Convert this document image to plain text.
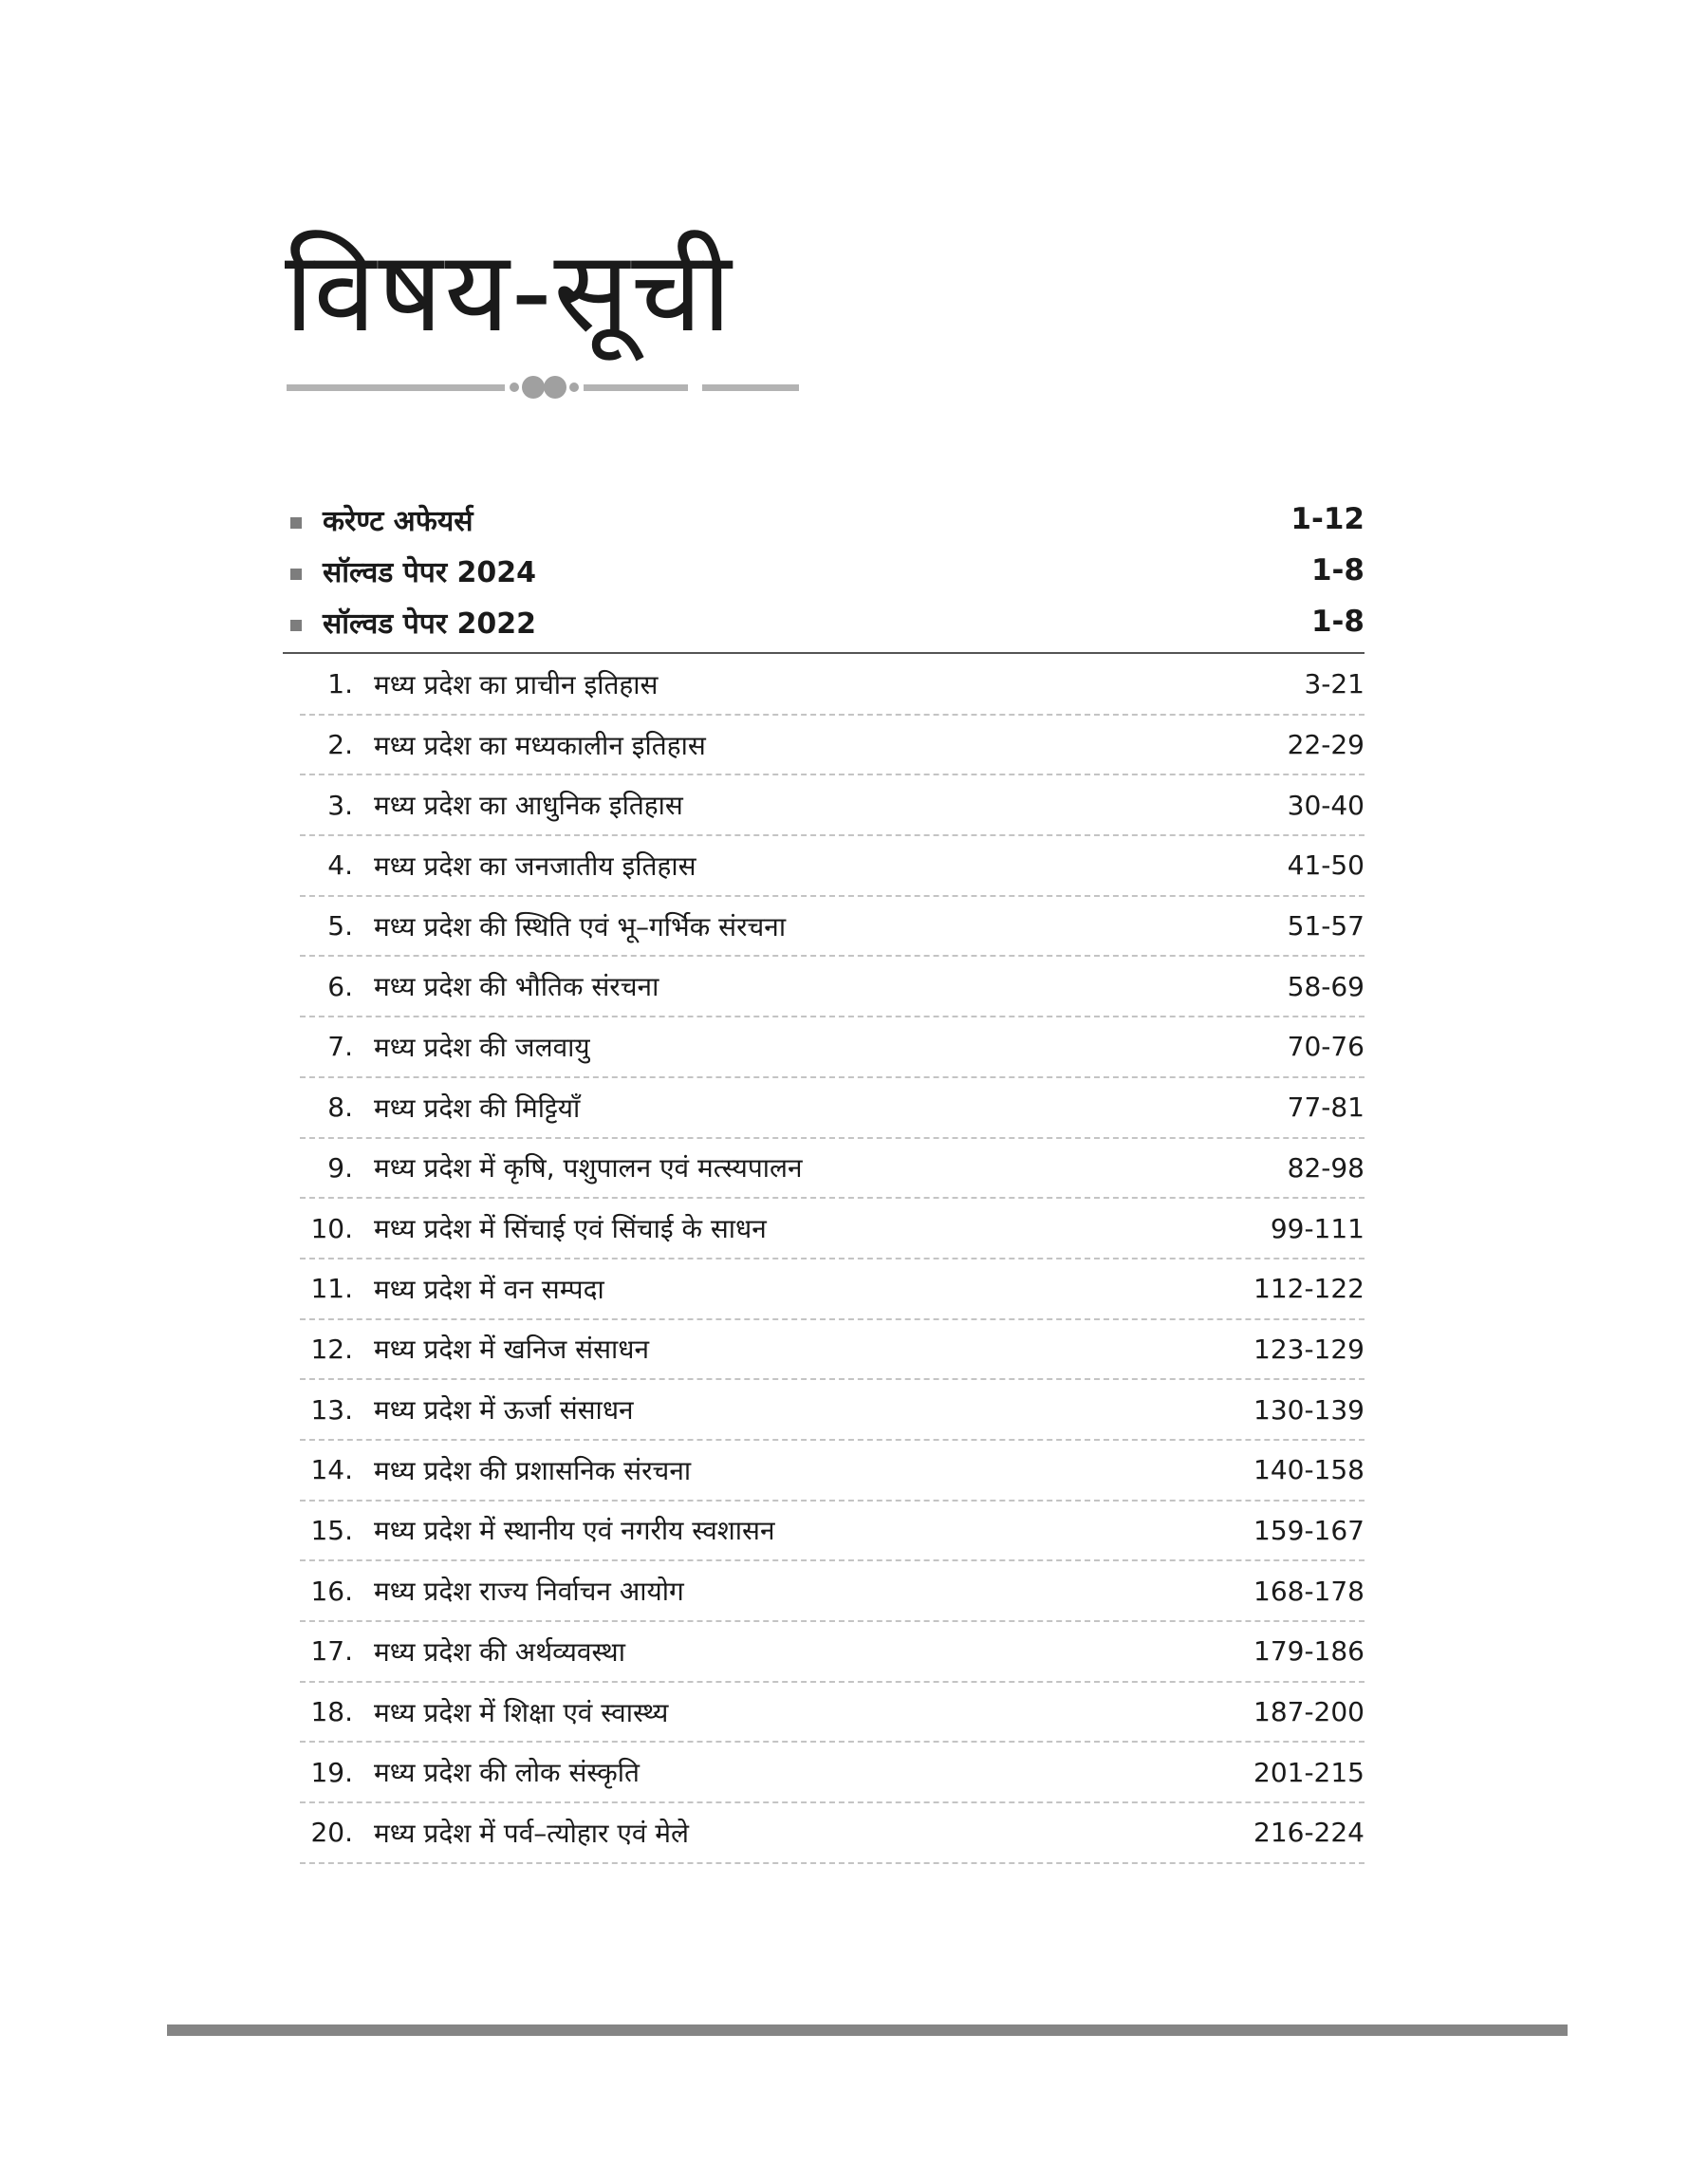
विषय-सूची
करेण्ट अफेयर्स	1-12
सॉल्वड पेपर 2024	1-8
सॉल्वड पेपर 2022	1-8
1. मध्य प्रदेश का प्राचीन इतिहास	3-21
2. मध्य प्रदेश का मध्यकालीन इतिहास	22-29
3. मध्य प्रदेश का आधुनिक इतिहास	30-40
4. मध्य प्रदेश का जनजातीय इतिहास	41-50
5. मध्य प्रदेश की स्थिति एवं भू–गर्भिक संरचना	51-57
6. मध्य प्रदेश की भौतिक संरचना	58-69
7. मध्य प्रदेश की जलवायु	70-76
8. मध्य प्रदेश की मिट्टियाँ	77-81
9. मध्य प्रदेश में कृषि, पशुपालन एवं मत्स्यपालन	82-98
10. मध्य प्रदेश में सिंचाई एवं सिंचाई के साधन	99-111
11. मध्य प्रदेश में वन सम्पदा	112-122
12. मध्य प्रदेश में खनिज संसाधन	123-129
13. मध्य प्रदेश में ऊर्जा संसाधन	130-139
14. मध्य प्रदेश की प्रशासनिक संरचना	140-158
15. मध्य प्रदेश में स्थानीय एवं नगरीय स्वशासन	159-167
16. मध्य प्रदेश राज्य निर्वाचन आयोग	168-178
17. मध्य प्रदेश की अर्थव्यवस्था	179-186
18. मध्य प्रदेश में शिक्षा एवं स्वास्थ्य	187-200
19. मध्य प्रदेश की लोक संस्कृति	201-215
20. मध्य प्रदेश में पर्व–त्योहार एवं मेले	216-224
